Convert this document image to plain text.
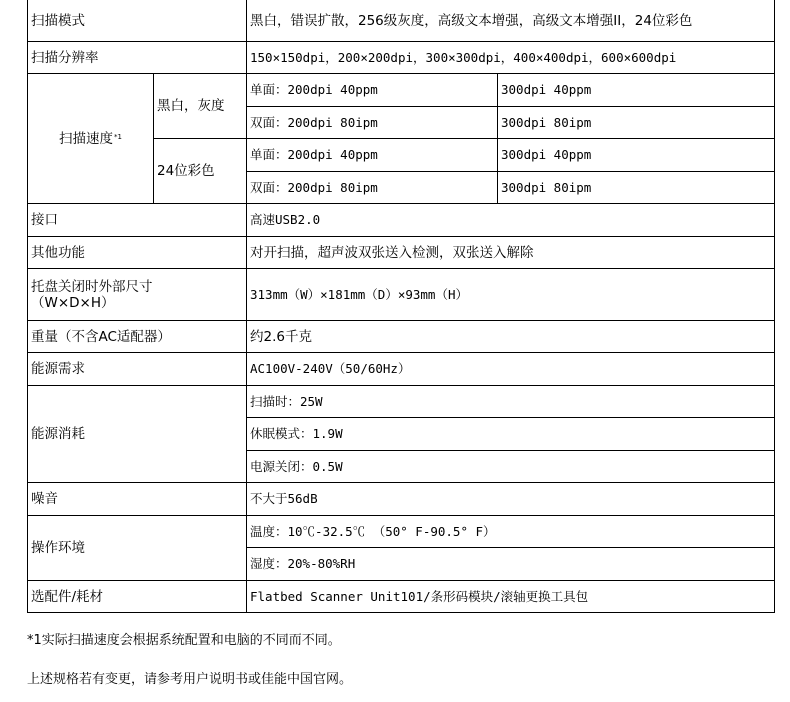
扫描模式		黑白，错误扩散，256级灰度，高级文本增强，高级文本增强II，24位彩色	
扫描分辨率		150×150dpi，200×200dpi，300×300dpi，400×400dpi，600×600dpi	
扫描速度$^{*1}$	黑白，灰度	单面：200dpi 40ppm	300dpi 40ppm
		双面：200dpi 80ipm	300dpi 80ipm
	24位彩色	单面：200dpi 40ppm	300dpi 40ppm
		双面：200dpi 80ipm	300dpi 80ipm
接口		高速USB2.0	
其他功能		对开扫描，超声波双张送入检测，双张送入解除	

托盘关闭时外部尺寸
（W×D×H）		313mm（W）×181mm（D）×93mm（H）	
重量（不含AC适配器）		约2.6千克	
能源需求		AC100V-240V（50/60Hz）	
能源消耗		扫描时：25W	
		休眠模式：1.9W	
		电源关闭：0.5W	
噪音		不大于56dB	
操作环境		温度：10℃-32.5℃ （50° F-90.5° F）	
		湿度：20%-80%RH	
选配件/耗材		Flatbed Scanner Unit101/条形码模块/滚轴更换工具包	
*1实际扫描速度会根据系统配置和电脑的不同而不同。
上述规格若有变更，请参考用户说明书或佳能中国官网。
